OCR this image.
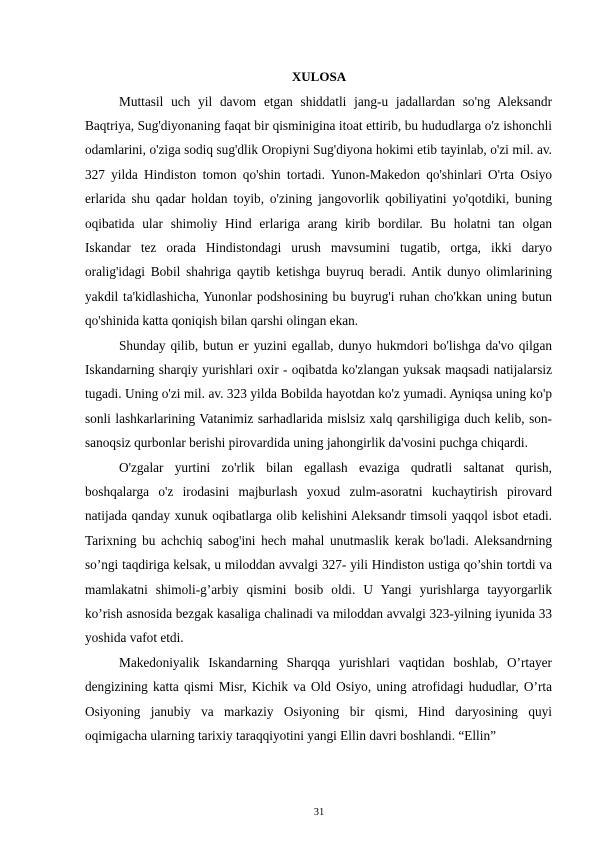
XULOSA

Muttasil uch yil davom etgan shiddatli jang-u jadallardan so'ng Aleksandr Baqtriya, Sug'diyonaning faqat bir qisminigina itoat ettirib, bu hududlarga o'z ishonchli odamlarini, o'ziga sodiq sug'dlik Oropiyni Sug'diyona hokimi etib tayinlab, o'zi mil. av. 327 yilda Hindiston tomon qo'shin tortadi. Yunon-Makedon qo'shinlari O'rta Osiyo erlarida shu qadar holdan toyib, o'zining jangovorlik qobiliyatini yo'qotdiki, buning oqibatida ular shimoliy Hind erlariga arang kirib bordilar. Bu holatni tan olgan Iskandar tez orada Hindistondagi urush mavsumini tugatib, ortga, ikki daryo oralig'idagi Bobil shahriga qaytib ketishga buyruq beradi. Antik dunyo olimlarining yakdil ta'kidlashicha, Yunonlar podshosining bu buyrug'i ruhan cho'kkan uning butun qo'shinida katta qoniqish bilan qarshi olingan ekan.

Shunday qilib, butun er yuzini egallab, dunyo hukmdori bo'lishga da'vo qilgan Iskandarning sharqiy yurishlari oxir - oqibatda ko'zlangan yuksak maqsadi natijalarsiz tugadi. Uning o'zi mil. av. 323 yilda Bobilda hayotdan ko'z yumadi. Ayniqsa uning ko'p sonli lashkarlarining Vatanimiz sarhadlarida mislsiz xalq qarshiligiga duch kelib, son-sanoqsiz qurbonlar berishi pirovardida uning jahongirlik da'vosini puchga chiqardi.

O'zgalar yurtini zo'rlik bilan egallash evaziga qudratli saltanat qurish, boshqalarga o'z irodasini majburlash yoxud zulm-asoratni kuchaytirish pirovard natijada qanday xunuk oqibatlarga olib kelishini Aleksandr timsoli yaqqol isbot etadi. Tarixning bu achchiq sabog'ini hech mahal unutmaslik kerak bo'ladi. Aleksandrning so’ngi taqdiriga kelsak, u miloddan avvalgi 327- yili Hindiston ustiga qo’shin tortdi va mamlakatni shimoli-g’arbiy qismini bosib oldi. U Yangi yurishlarga tayyorgarlik ko’rish asnosida bezgak kasaliga chalinadi va miloddan avvalgi 323-yilning iyunida 33 yoshida vafot etdi.

Makedoniyalik Iskandarning Sharqqa yurishlari vaqtidan boshlab, O’rtayer dengizining katta qismi Misr, Kichik va Old Osiyo, uning atrofidagi hududlar, O’rta Osiyoning janubiy va markaziy Osiyoning bir qismi, Hind daryosining quyi oqimigacha ularning tarixiy taraqqiyotini yangi Ellin davri boshlandi. “Ellin”

31
